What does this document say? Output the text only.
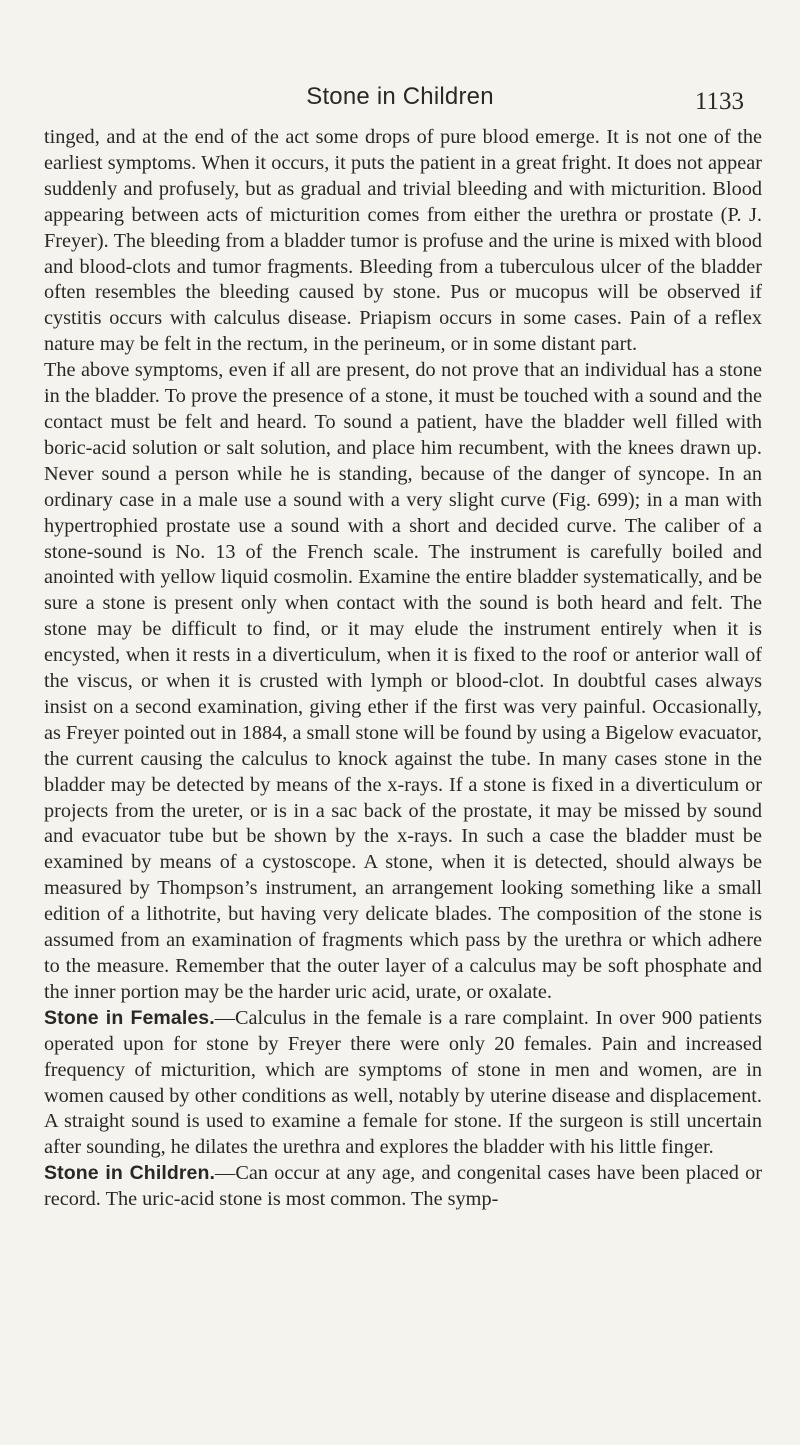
Stone in Children	1133

tinged, and at the end of the act some drops of pure blood emerge. It is not one of the earliest symptoms. When it occurs, it puts the patient in a great fright. It does not appear suddenly and profusely, but as gradual and trivial bleeding and with micturition. Blood appearing between acts of micturition comes from either the urethra or prostate (P. J. Freyer). The bleeding from a bladder tumor is profuse and the urine is mixed with blood and blood-clots and tumor fragments. Bleeding from a tuberculous ulcer of the bladder often resembles the bleeding caused by stone. Pus or mucopus will be observed if cystitis occurs with calculus disease. Priapism occurs in some cases. Pain of a reflex nature may be felt in the rectum, in the perineum, or in some distant part.

The above symptoms, even if all are present, do not prove that an individual has a stone in the bladder. To prove the presence of a stone, it must be touched with a sound and the contact must be felt and heard. To sound a patient, have the bladder well filled with boric-acid solution or salt solution, and place him recumbent, with the knees drawn up. Never sound a person while he is standing, because of the danger of syncope. In an ordinary case in a male use a sound with a very slight curve (Fig. 699); in a man with hypertrophied prostate use a sound with a short and decided curve. The caliber of a stone-sound is No. 13 of the French scale. The instrument is carefully boiled and anointed with yellow liquid cosmolin. Examine the entire bladder systematically, and be sure a stone is present only when contact with the sound is both heard and felt. The stone may be difficult to find, or it may elude the instrument entirely when it is encysted, when it rests in a diverticulum, when it is fixed to the roof or anterior wall of the viscus, or when it is crusted with lymph or blood-clot. In doubtful cases always insist on a second examination, giving ether if the first was very painful. Occasionally, as Freyer pointed out in 1884, a small stone will be found by using a Bigelow evacuator, the current causing the calculus to knock against the tube. In many cases stone in the bladder may be detected by means of the x-rays. If a stone is fixed in a diverticulum or projects from the ureter, or is in a sac back of the prostate, it may be missed by sound and evacuator tube but be shown by the x-rays. In such a case the bladder must be examined by means of a cystoscope. A stone, when it is detected, should always be measured by Thompson’s instrument, an arrangement looking something like a small edition of a lithotrite, but having very delicate blades. The composition of the stone is assumed from an examination of fragments which pass by the urethra or which adhere to the measure. Remember that the outer layer of a calculus may be soft phosphate and the inner portion may be the harder uric acid, urate, or oxalate.

Stone in Females.—Calculus in the female is a rare complaint. In over 900 patients operated upon for stone by Freyer there were only 20 females. Pain and increased frequency of micturition, which are symptoms of stone in men and women, are in women caused by other conditions as well, notably by uterine disease and displacement. A straight sound is used to examine a female for stone. If the surgeon is still uncertain after sounding, he dilates the urethra and explores the bladder with his little finger.

Stone in Children.—Can occur at any age, and congenital cases have been placed or record. The uric-acid stone is most common. The symp-
